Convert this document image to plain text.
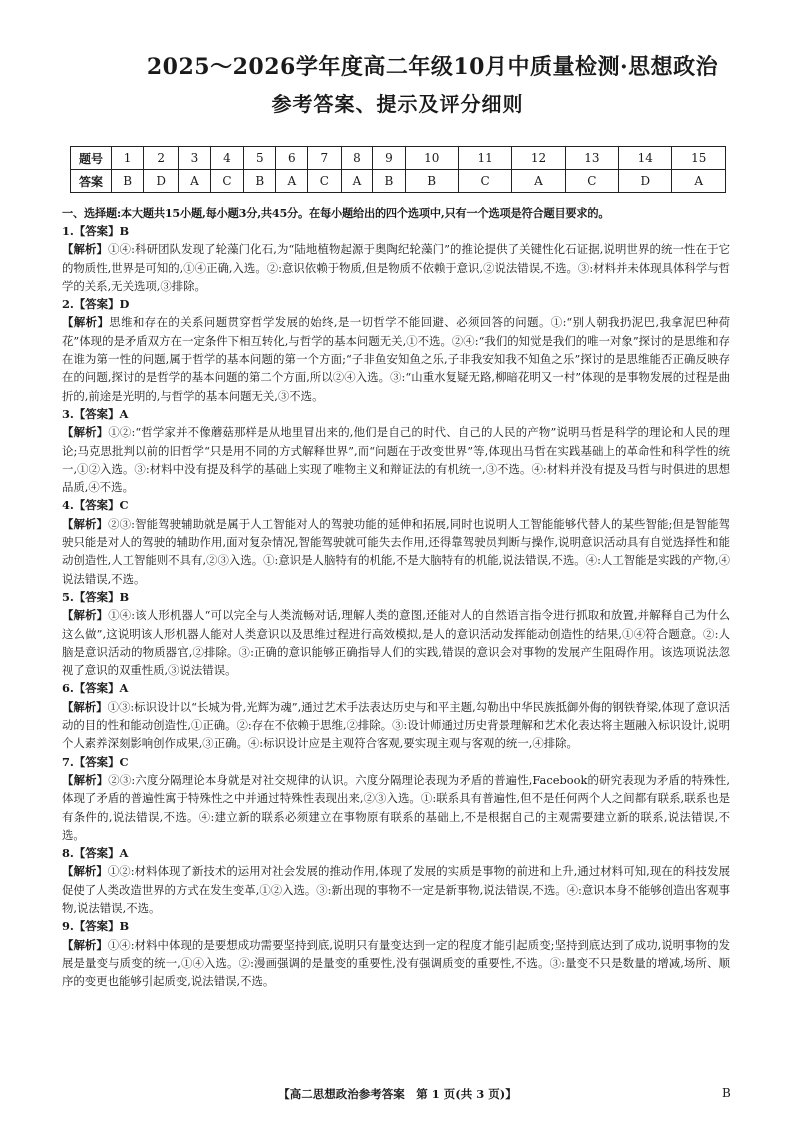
2025～2026学年度高二年级10月中质量检测·思想政治
参考答案、提示及评分细则
题号	1	2	3	4	5	6	7	8	9	10	11	12	13	14	15
答案	B	D	A	C	B	A	C	A	B	B	C	A	C	D	A
一、选择题:本大题共15小题,每小题3分,共45分。在每小题给出的四个选项中,只有一个选项是符合题目要求的。
1.【答案】B
【解析】①④:科研团队发现了轮藻门化石,为“陆地植物起源于奥陶纪轮藻门”的推论提供了关键性化石证据,说明世界的统一性在于它的物质性,世界是可知的,①④正确,入选。②:意识依赖于物质,但是物质不依赖于意识,②说法错误,不选。③:材料并未体现具体科学与哲学的关系,无关选项,③排除。
2.【答案】D
【解析】思维和存在的关系问题贯穿哲学发展的始终,是一切哲学不能回避、必须回答的问题。①:“别人朝我扔泥巴,我拿泥巴种荷花”体现的是矛盾双方在一定条件下相互转化,与哲学的基本问题无关,①不选。②④:“我们的知觉是我们的唯一对象”探讨的是思维和存在谁为第一性的问题,属于哲学的基本问题的第一个方面;“子非鱼安知鱼之乐,子非我安知我不知鱼之乐”探讨的是思维能否正确反映存在的问题,探讨的是哲学的基本问题的第二个方面,所以②④入选。③:“山重水复疑无路,柳暗花明又一村”体现的是事物发展的过程是曲折的,前途是光明的,与哲学的基本问题无关,③不选。
3.【答案】A
【解析】①②:“哲学家并不像蘑菇那样是从地里冒出来的,他们是自己的时代、自己的人民的产物”说明马哲是科学的理论和人民的理论;马克思批判以前的旧哲学“只是用不同的方式解释世界”,而“问题在于改变世界”等,体现出马哲在实践基础上的革命性和科学性的统一,①②入选。③:材料中没有提及科学的基础上实现了唯物主义和辩证法的有机统一,③不选。④:材料并没有提及马哲与时俱进的思想品质,④不选。
4.【答案】C
【解析】②③:智能驾驶辅助就是属于人工智能对人的驾驶功能的延伸和拓展,同时也说明人工智能能够代替人的某些智能;但是智能驾驶只能是对人的驾驶的辅助作用,面对复杂情况,智能驾驶就可能失去作用,还得靠驾驶员判断与操作,说明意识活动具有自觉选择性和能动创造性,人工智能则不具有,②③入选。①:意识是人脑特有的机能,不是大脑特有的机能,说法错误,不选。④:人工智能是实践的产物,④说法错误,不选。
5.【答案】B
【解析】①④:该人形机器人“可以完全与人类流畅对话,理解人类的意图,还能对人的自然语言指令进行抓取和放置,并解释自己为什么这么做”,这说明该人形机器人能对人类意识以及思维过程进行高效模拟,是人的意识活动发挥能动创造性的结果,①④符合题意。②:人脑是意识活动的物质器官,②排除。③:正确的意识能够正确指导人们的实践,错误的意识会对事物的发展产生阻碍作用。该选项说法忽视了意识的双重性质,③说法错误。
6.【答案】A
【解析】①③:标识设计以“长城为骨,光辉为魂”,通过艺术手法表达历史与和平主题,勾勒出中华民族抵御外侮的钢铁脊梁,体现了意识活动的目的性和能动创造性,①正确。②:存在不依赖于思维,②排除。③:设计师通过历史背景理解和艺术化表达将主题融入标识设计,说明个人素养深刻影响创作成果,③正确。④:标识设计应是主观符合客观,要实现主观与客观的统一,④排除。
7.【答案】C
【解析】②③:六度分隔理论本身就是对社交规律的认识。六度分隔理论表现为矛盾的普遍性,Facebook的研究表现为矛盾的特殊性,体现了矛盾的普遍性寓于特殊性之中并通过特殊性表现出来,②③入选。①:联系具有普遍性,但不是任何两个人之间都有联系,联系也是有条件的,说法错误,不选。④:建立新的联系必须建立在事物原有联系的基础上,不是根据自己的主观需要建立新的联系,说法错误,不选。
8.【答案】A
【解析】①②:材料体现了新技术的运用对社会发展的推动作用,体现了发展的实质是事物的前进和上升,通过材料可知,现在的科技发展促使了人类改造世界的方式在发生变革,①②入选。③:新出现的事物不一定是新事物,说法错误,不选。④:意识本身不能够创造出客观事物,说法错误,不选。
9.【答案】B
【解析】①④:材料中体现的是要想成功需要坚持到底,说明只有量变达到一定的程度才能引起质变;坚持到底达到了成功,说明事物的发展是量变与质变的统一,①④入选。②:漫画强调的是量变的重要性,没有强调质变的重要性,不选。③:量变不只是数量的增减,场所、顺序的变更也能够引起质变,说法错误,不选。
【高二思想政治参考答案　第 1 页(共 3 页)】	B
